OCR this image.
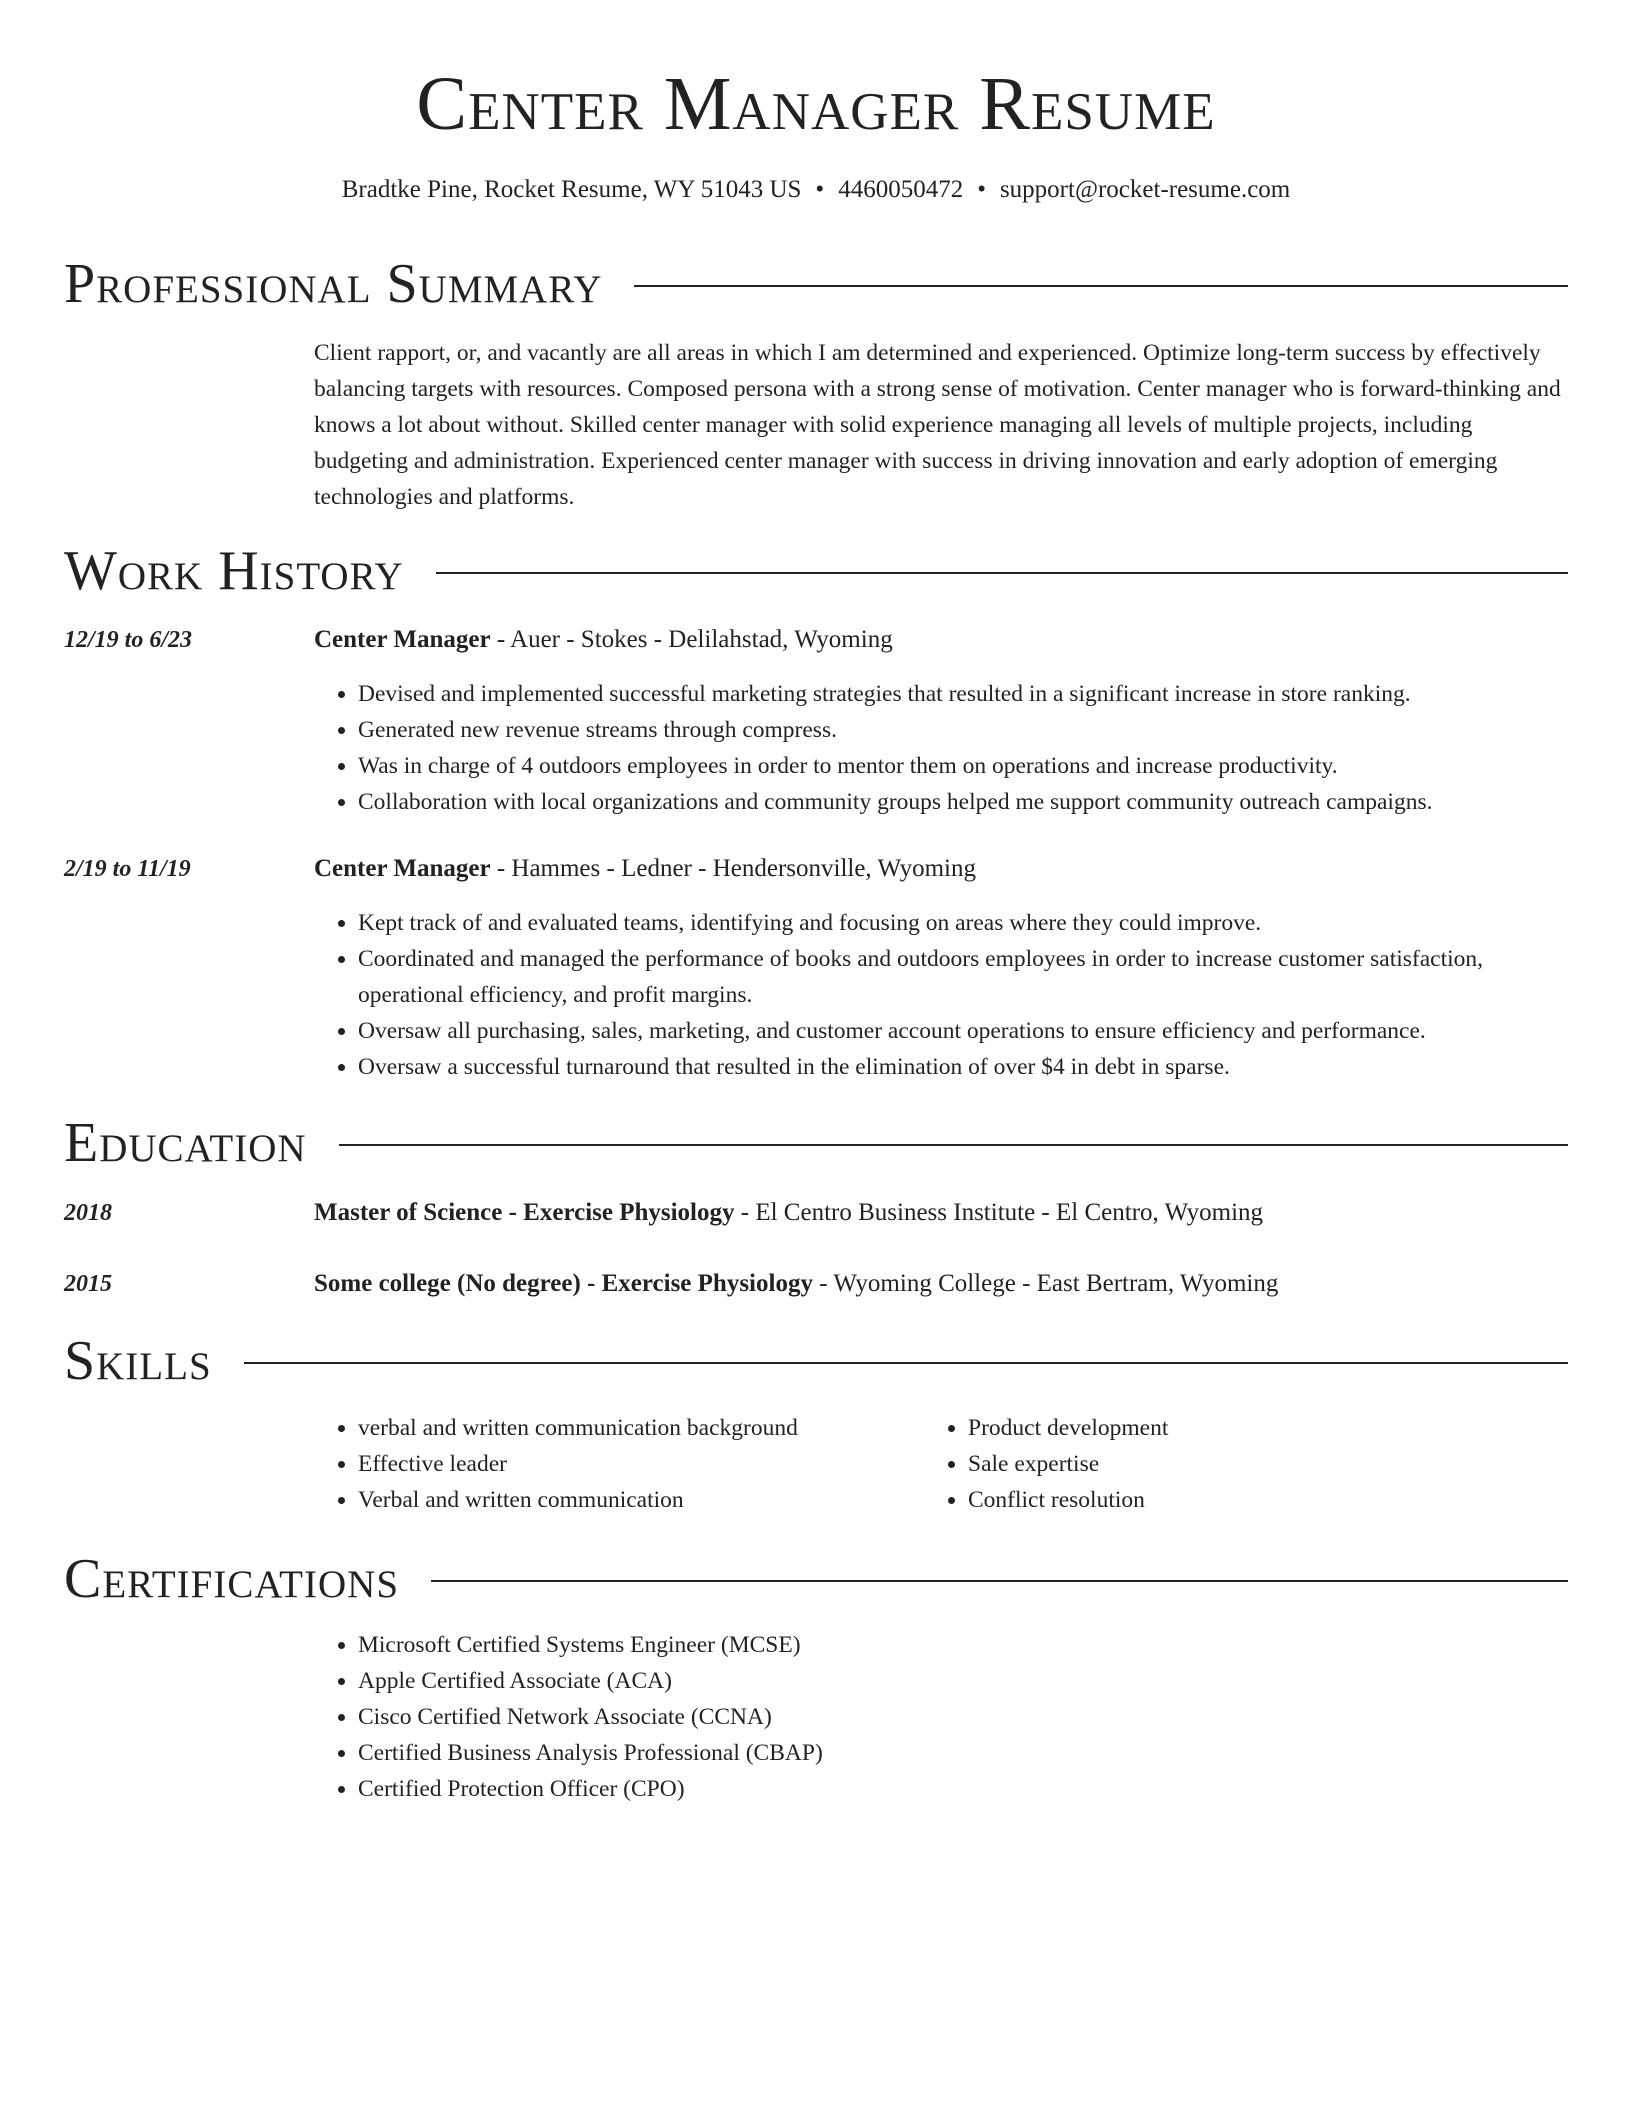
Center Manager Resume
Bradtke Pine, Rocket Resume, WY 51043 US • 4460050472 • support@rocket-resume.com
Professional Summary
Client rapport, or, and vacantly are all areas in which I am determined and experienced. Optimize long-term success by effectively balancing targets with resources. Composed persona with a strong sense of motivation. Center manager who is forward-thinking and knows a lot about without. Skilled center manager with solid experience managing all levels of multiple projects, including budgeting and administration. Experienced center manager with success in driving innovation and early adoption of emerging technologies and platforms.
Work History
12/19 to 6/23	Center Manager - Auer - Stokes - Delilahstad, Wyoming
• Devised and implemented successful marketing strategies that resulted in a significant increase in store ranking.
• Generated new revenue streams through compress.
• Was in charge of 4 outdoors employees in order to mentor them on operations and increase productivity.
• Collaboration with local organizations and community groups helped me support community outreach campaigns.
2/19 to 11/19	Center Manager - Hammes - Ledner - Hendersonville, Wyoming
• Kept track of and evaluated teams, identifying and focusing on areas where they could improve.
• Coordinated and managed the performance of books and outdoors employees in order to increase customer satisfaction, operational efficiency, and profit margins.
• Oversaw all purchasing, sales, marketing, and customer account operations to ensure efficiency and performance.
• Oversaw a successful turnaround that resulted in the elimination of over $4 in debt in sparse.
Education
2018	Master of Science - Exercise Physiology - El Centro Business Institute - El Centro, Wyoming
2015	Some college (No degree) - Exercise Physiology - Wyoming College - East Bertram, Wyoming
Skills
• verbal and written communication background
• Effective leader
• Verbal and written communication
• Product development
• Sale expertise
• Conflict resolution
Certifications
• Microsoft Certified Systems Engineer (MCSE)
• Apple Certified Associate (ACA)
• Cisco Certified Network Associate (CCNA)
• Certified Business Analysis Professional (CBAP)
• Certified Protection Officer (CPO)
